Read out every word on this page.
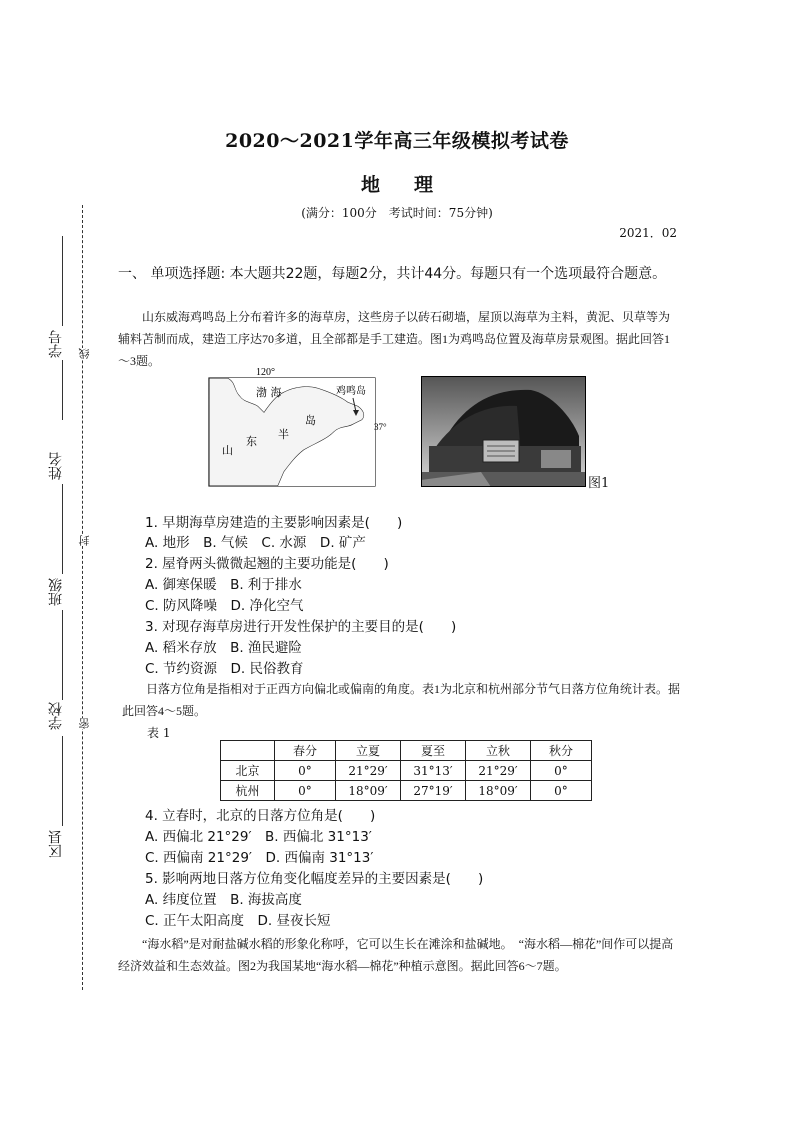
2020～2021学年高三年级模拟考试卷
地理
(满分：100分　考试时间：75分钟)
2021．02
学号
姓名
班级
学校
区县
线
封
密
一、 单项选择题: 本大题共22题，每题2分，共计44分。每题只有一个选项最符合题意。
山东威海鸡鸣岛上分布着许多的海草房，这些房子以砖石砌墙，屋顶以海草为主料，黄泥、贝草等为辅料苫制而成，建造工序达70多道，且全部都是手工建造。图1为鸡鸣岛位置及海草房景观图。据此回答1～3题。
120°
37°
渤 海	鸡鸣岛
山
东
半
岛
图1
1. 早期海草房建造的主要影响因素是(　　)
A. 地形　B. 气候　C. 水源　D. 矿产
2. 屋脊两头微微起翘的主要功能是(　　)
A. 御寒保暖　B. 利于排水
C. 防风降噪　D. 净化空气
3. 对现存海草房进行开发性保护的主要目的是(　　)
A. 稻米存放　B. 渔民避险
C. 节约资源　D. 民俗教育
日落方位角是指相对于正西方向偏北或偏南的角度。表1为北京和杭州部分节气日落方位角统计表。据此回答4～5题。
表 1
	春分	立夏	夏至	立秋	秋分
北京	0°	21°29′	31°13′	21°29′	0°
杭州	0°	18°09′	27°19′	18°09′	0°
4. 立春时，北京的日落方位角是(　　)
A. 西偏北 21°29′　B. 西偏北 31°13′
C. 西偏南 21°29′　D. 西偏南 31°13′
5. 影响两地日落方位角变化幅度差异的主要因素是(　　)
A. 纬度位置　B. 海拔高度
C. 正午太阳高度　D. 昼夜长短
“海水稻”是对耐盐碱水稻的形象化称呼，它可以生长在滩涂和盐碱地。　“海水稻—棉花”间作可以提高经济效益和生态效益。图2为我国某地“海水稻—棉花”种植示意图。据此回答6～7题。
